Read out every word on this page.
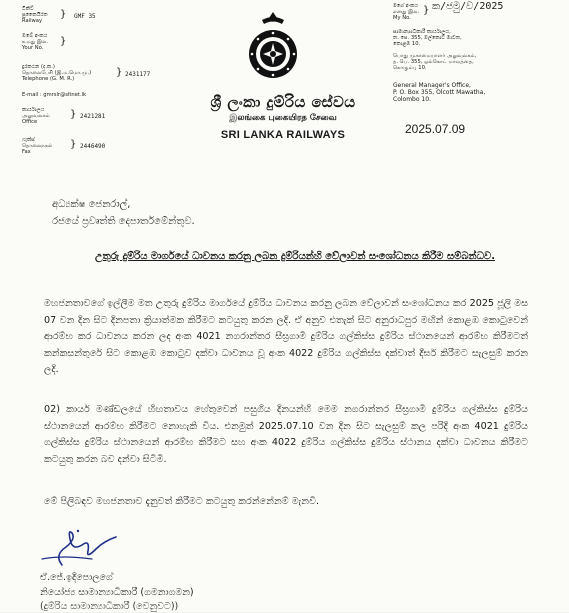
ටිකිට්
පුකෛයිරත
Railway
} GMF 35
ඔබේ අංකය
உமது இல.
Your No.
}
දුරකථන (ද.ක.)
தொலைபேசி (இ.ம.மொ.மு.)
Telephone (G. M. R.)
} 2431177
E-mail : gmrslr@sltnet.lk
කාර්යාලය
அலுவலகம்
Office
} 2421281
ෆැක්ස්
தொலைநகல்
Fax
} 2446490
ශ්‍රී ලංකා දුම්රිය සේවය
இலங்கை புகையிரத சேவை
SRI LANKA RAILWAYS
මගේ අංකය
எனது இல.
My No.
} ක/ජමු/ව/2025
සාමාන්‍යාධිකාරී කාර්යාලය,
ත. පෙ. 355, ඔල්කොට් මාවත,
කොළඹ 10.
பொது முகாமையாளர் அலுவலகம்,
த. பெ. 355, ஒல்கொட் மாவத்தை,
கொழும்பு 10.
General Manager's Office,
P. O. Box 355, Olcott Mawatha,
Colombo 10.
2025.07.09
අධ්‍යක්ෂ ජෙනරාල්,
රජයේ ප්‍රවෘත්ති දෙපාර්තමේන්තුව.
උතුරු දුම්රිය මාර්ගයේ ධාවනය කරනු ලබන දුම්රියන්හි වේලාවන් සංශෝධනය කිරීම සම්බන්ධව.
මහජනතාවගේ ඉල්ලීම මත උතුරු දුම්රිය මාර්ගයේ දුම්රිය ධාවනය කරනු ලබන වේලාවන් සංශෝධනය කර 2025 ජූලි මස 07 වන දින සිට දිනපතා ක්‍රියාත්මක කිරීමට කටයුතු කරන ලදි. ඒ අනුව එතැක් සිට අනුරාධපුර මඟින් කොළඹ කොටුවෙන් ආරම්භ කර ධාවනය කරන ලද අංක 4021 නගරාන්තර සීඝ්‍රගාමී දුම්රිය ගල්කිස්ස දුම්රිය ස්ථානයෙන් ආරම්භ කිරීමටත් කන්කසන්තුරේ සිට කොළඹ කොටුව දක්වා ධාවනය වූ අංක 4022 දුම්රිය ගල්කිස්ස දක්වාත් දීර්ඝ කිරීමට සැලසුම් කරන ලදි.
02) කාර්ය මණ්ඩලයේ හිඟතාවය හේතුවෙන් පසුගිය දිනයන්හි මෙම නගරාන්තර සීඝ්‍රගාමී දුම්රිය ගල්කිස්ස දුම්රිය ස්ථානයෙන් ආරම්භ කිරීමට නොහැකි විය. එනමුත් 2025.07.10 වන දින සිට සැලසුම් කල පරිදි අංක 4021 දුම්රිය ගල්කිස්ස දුම්රිය ස්ථානයෙන් ආරම්භ කිරීමට සහ අංක 4022 දුම්රිය ගල්කිස්ස දුම්රිය ස්ථානය දක්වා ධාවනය කිරීමට කටයුතු කරන බව දන්වා සිටිමි.
මේ පිලිබඳව මහජනතාව දැනුවත් කිරීමට කටයුතු කරන්නේනම් මැනවි.
ඒ.ජේ.ඉදිපොලගේ
නියෝජ්‍ය සාමාන්‍යාධිකාරී (ගමනාගමන)
(දුම්රිය සාමාන්‍යාධිකාරී (වෙනුවට))
